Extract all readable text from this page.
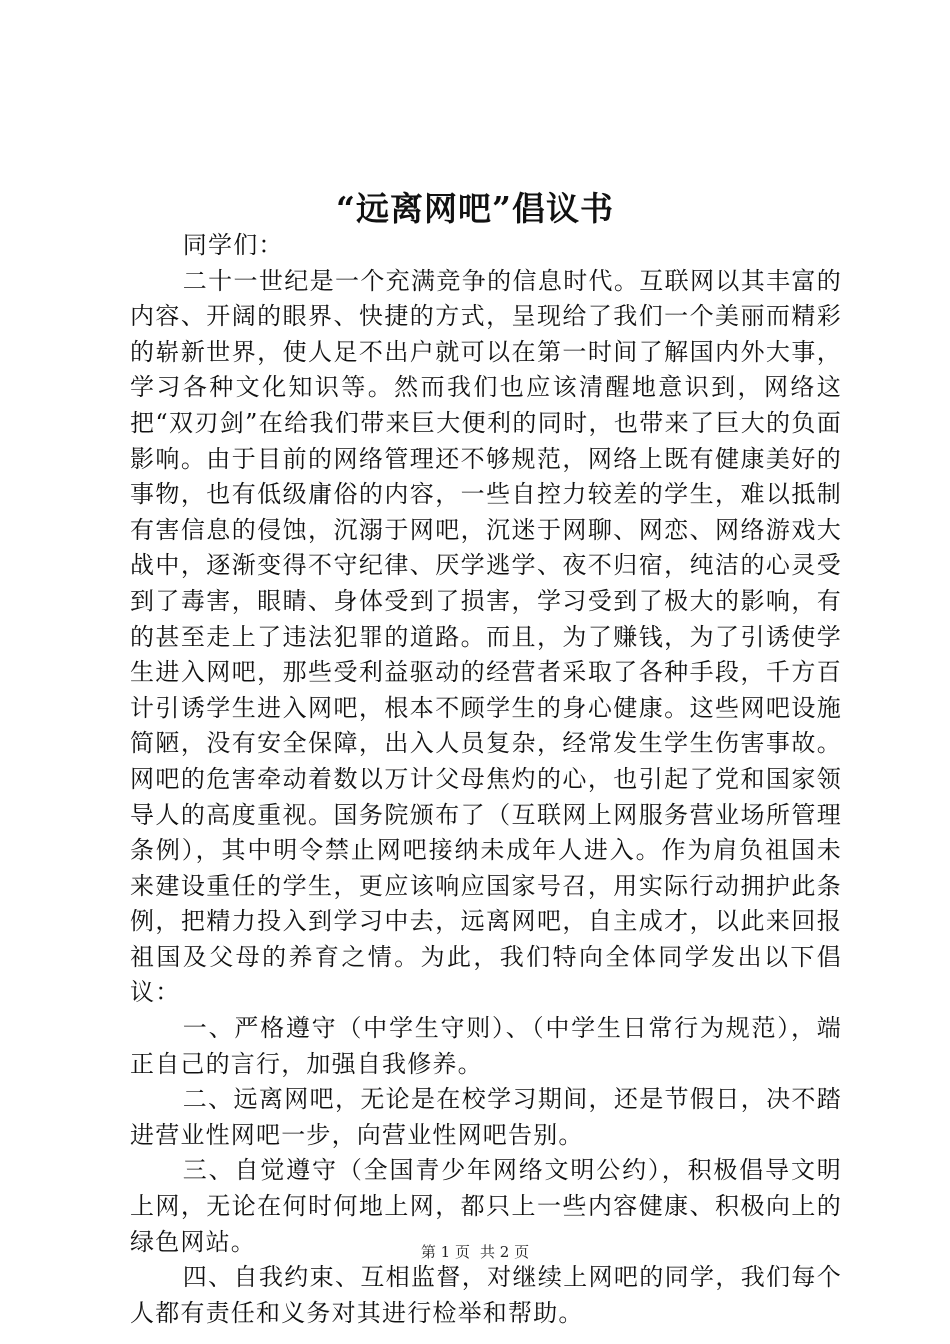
“远离网吧”倡议书

同学们：

二十一世纪是一个充满竞争的信息时代。互联网以其丰富的内容、开阔的眼界、快捷的方式，呈现给了我们一个美丽而精彩的崭新世界，使人足不出户就可以在第一时间了解国内外大事，学习各种文化知识等。然而我们也应该清醒地意识到，网络这把“双刃剑”在给我们带来巨大便利的同时，也带来了巨大的负面影响。由于目前的网络管理还不够规范，网络上既有健康美好的事物，也有低级庸俗的内容，一些自控力较差的学生，难以抵制有害信息的侵蚀，沉溺于网吧，沉迷于网聊、网恋、网络游戏大战中，逐渐变得不守纪律、厌学逃学、夜不归宿，纯洁的心灵受到了毒害，眼睛、身体受到了损害，学习受到了极大的影响，有的甚至走上了违法犯罪的道路。而且，为了赚钱，为了引诱使学生进入网吧，那些受利益驱动的经营者采取了各种手段，千方百计引诱学生进入网吧，根本不顾学生的身心健康。这些网吧设施简陋，没有安全保障，出入人员复杂，经常发生学生伤害事故。网吧的危害牵动着数以万计父母焦灼的心，也引起了党和国家领导人的高度重视。国务院颁布了（互联网上网服务营业场所管理条例），其中明令禁止网吧接纳未成年人进入。作为肩负祖国未来建设重任的学生，更应该响应国家号召，用实际行动拥护此条例，把精力投入到学习中去，远离网吧，自主成才，以此来回报祖国及父母的养育之情。为此，我们特向全体同学发出以下倡议：

一、严格遵守（中学生守则）、（中学生日常行为规范），端正自己的言行，加强自我修养。

二、远离网吧，无论是在校学习期间，还是节假日，决不踏进营业性网吧一步，向营业性网吧告别。

三、自觉遵守（全国青少年网络文明公约），积极倡导文明上网，无论在何时何地上网，都只上一些内容健康、积极向上的绿色网站。

四、自我约束、互相监督，对继续上网吧的同学，我们每个人都有责任和义务对其进行检举和帮助。

第 1 页 共 2 页
